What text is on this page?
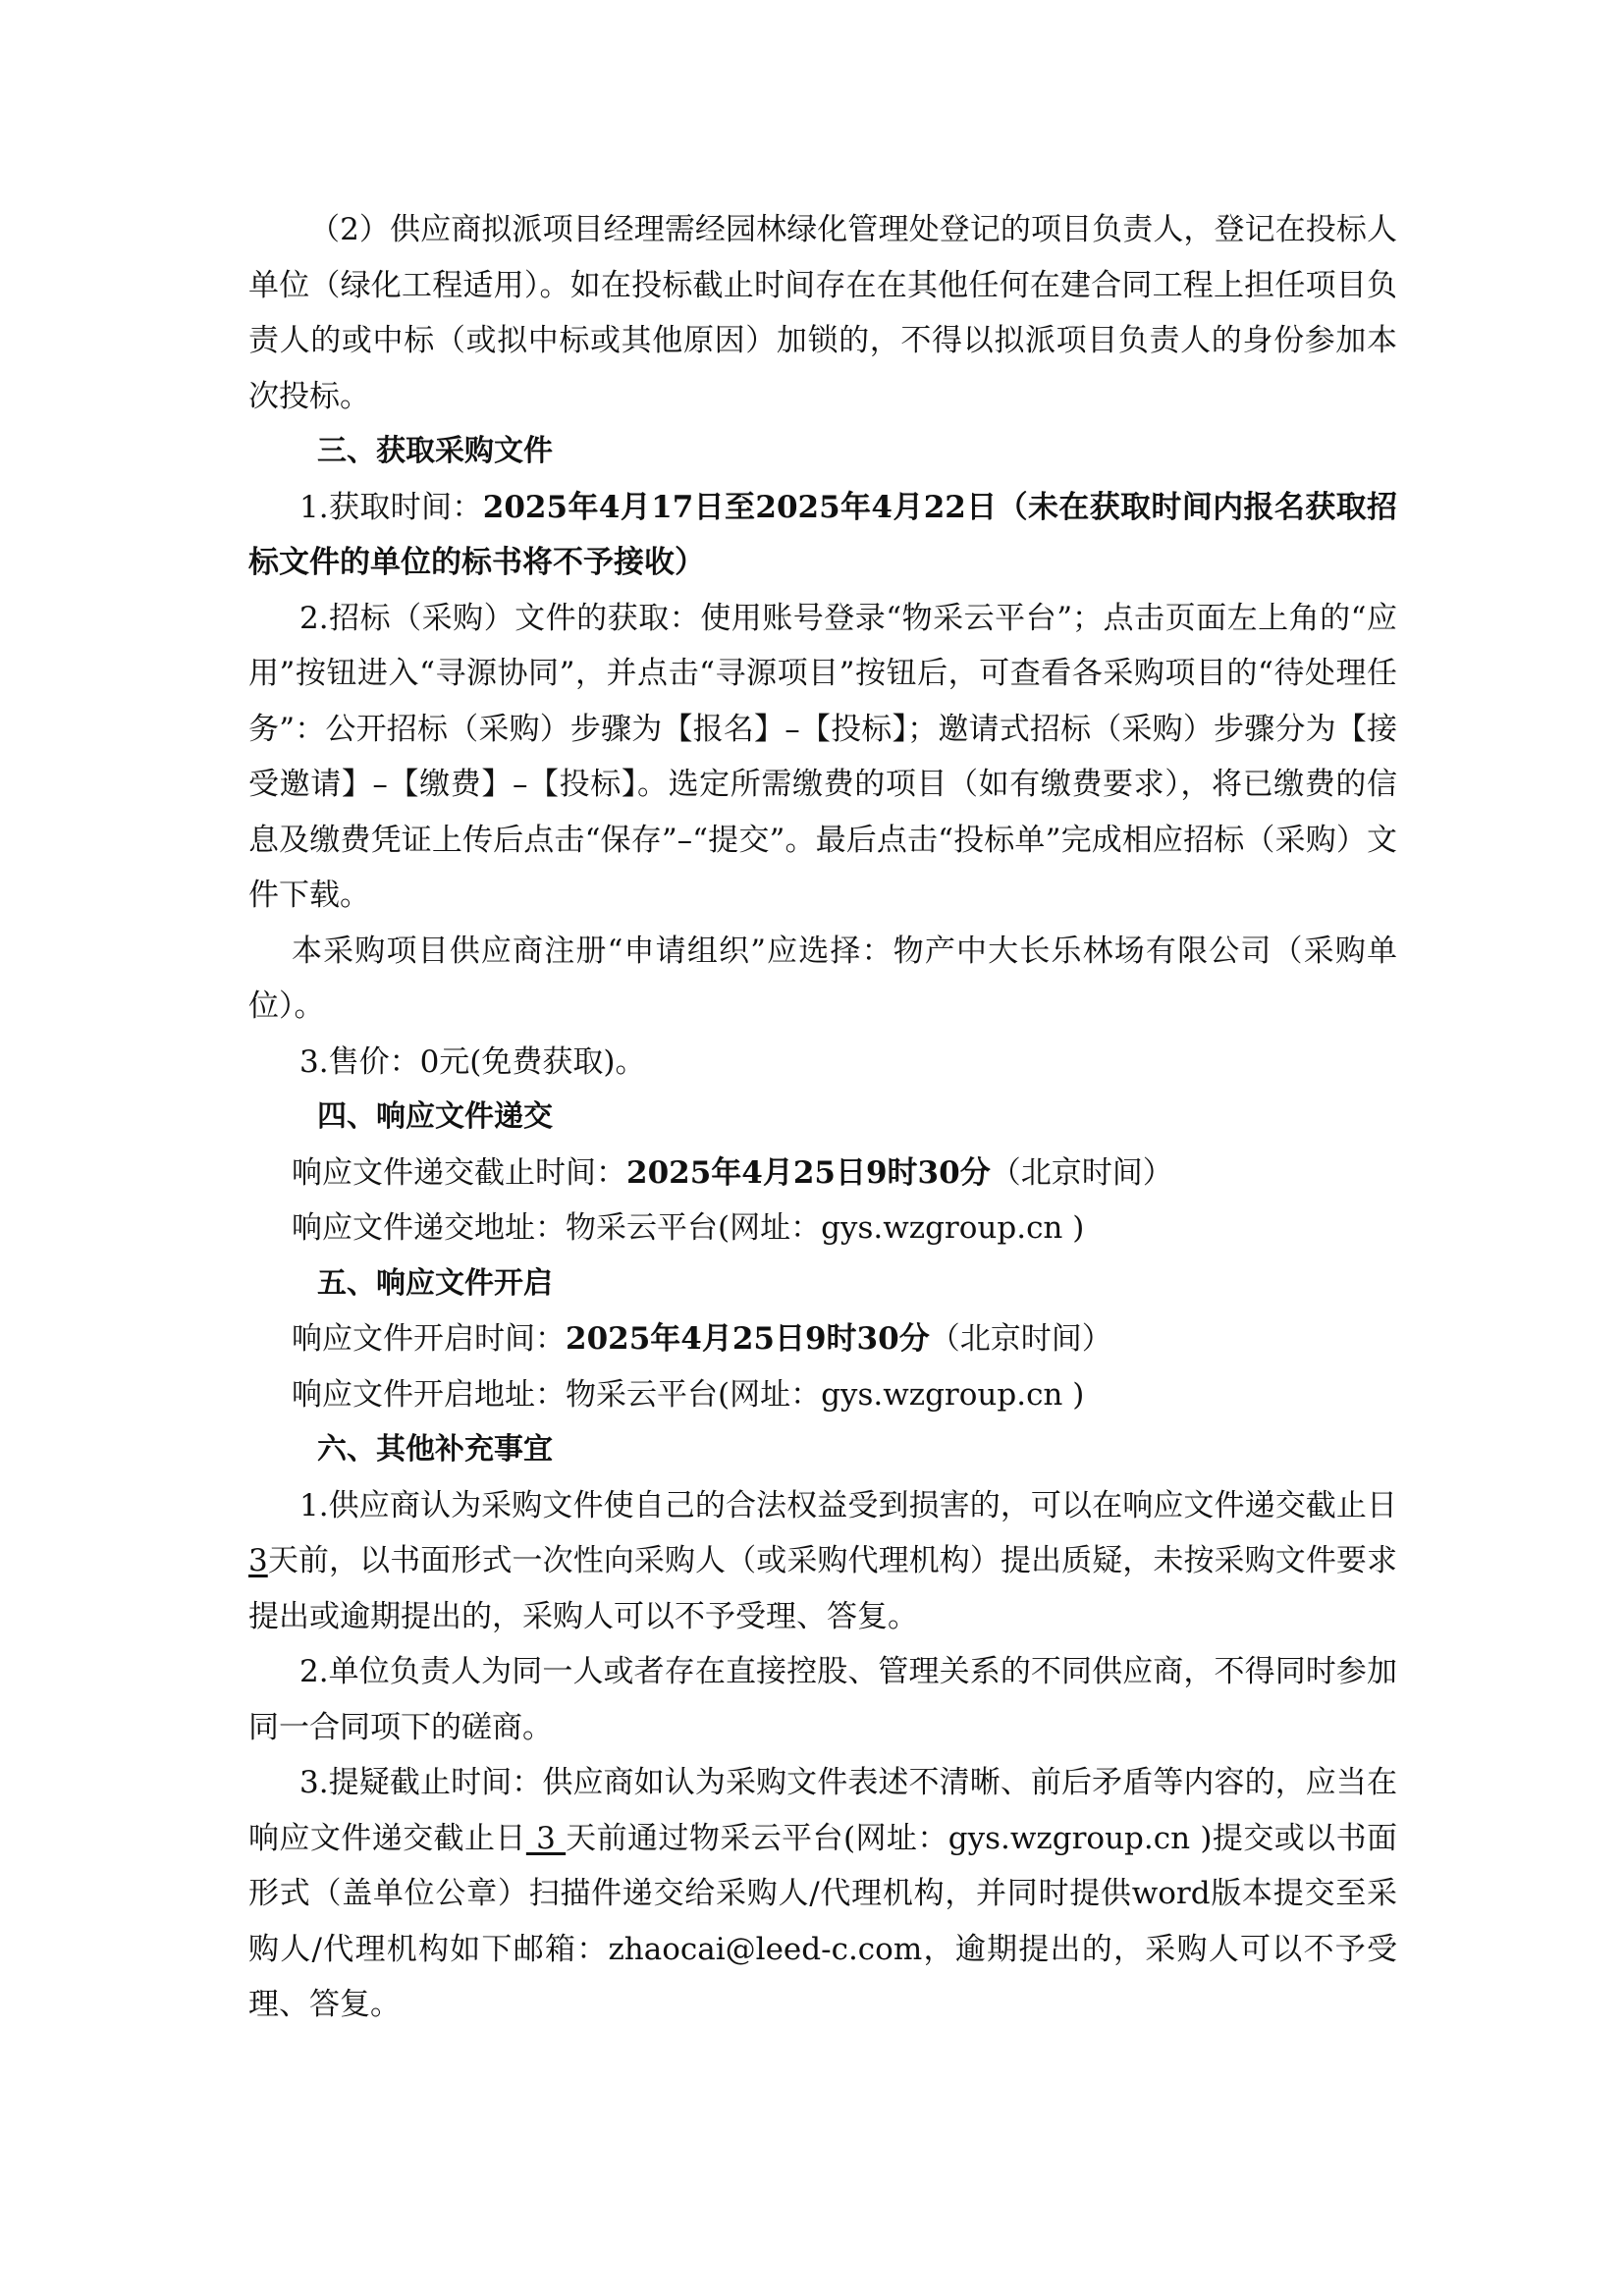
（2）供应商拟派项目经理需经园林绿化管理处登记的项目负责人，登记在投标人单位（绿化工程适用）。如在投标截止时间存在在其他任何在建合同工程上担任项目负责人的或中标（或拟中标或其他原因）加锁的，不得以拟派项目负责人的身份参加本次投标。

三、获取采购文件

1.获取时间：2025年4月17日至2025年4月22日（未在获取时间内报名获取招标文件的单位的标书将不予接收）

2.招标（采购）文件的获取：使用账号登录“物采云平台”；点击页面左上角的“应用”按钮进入“寻源协同”，并点击“寻源项目”按钮后，可查看各采购项目的“待处理任务”：公开招标（采购）步骤为【报名】–【投标】；邀请式招标（采购）步骤分为【接受邀请】–【缴费】–【投标】。选定所需缴费的项目（如有缴费要求），将已缴费的信息及缴费凭证上传后点击“保存”–“提交”。最后点击“投标单”完成相应招标（采购）文件下载。

本采购项目供应商注册“申请组织”应选择：物产中大长乐林场有限公司（采购单位）。

3.售价：0元(免费获取)。

四、响应文件递交

响应文件递交截止时间：2025年4月25日9时30分（北京时间）

响应文件递交地址：物采云平台(网址：gys.wzgroup.cn )

五、响应文件开启

响应文件开启时间：2025年4月25日9时30分（北京时间）

响应文件开启地址：物采云平台(网址：gys.wzgroup.cn )

六、其他补充事宜

1.供应商认为采购文件使自己的合法权益受到损害的，可以在响应文件递交截止日3天前，以书面形式一次性向采购人（或采购代理机构）提出质疑，未按采购文件要求提出或逾期提出的，采购人可以不予受理、答复。

2.单位负责人为同一人或者存在直接控股、管理关系的不同供应商，不得同时参加同一合同项下的磋商。

3.提疑截止时间：供应商如认为采购文件表述不清晰、前后矛盾等内容的，应当在响应文件递交截止日 3 天前通过物采云平台(网址：gys.wzgroup.cn )提交或以书面形式（盖单位公章）扫描件递交给采购人/代理机构，并同时提供word版本提交至采购人/代理机构如下邮箱：zhaocai@leed-c.com，逾期提出的，采购人可以不予受理、答复。
